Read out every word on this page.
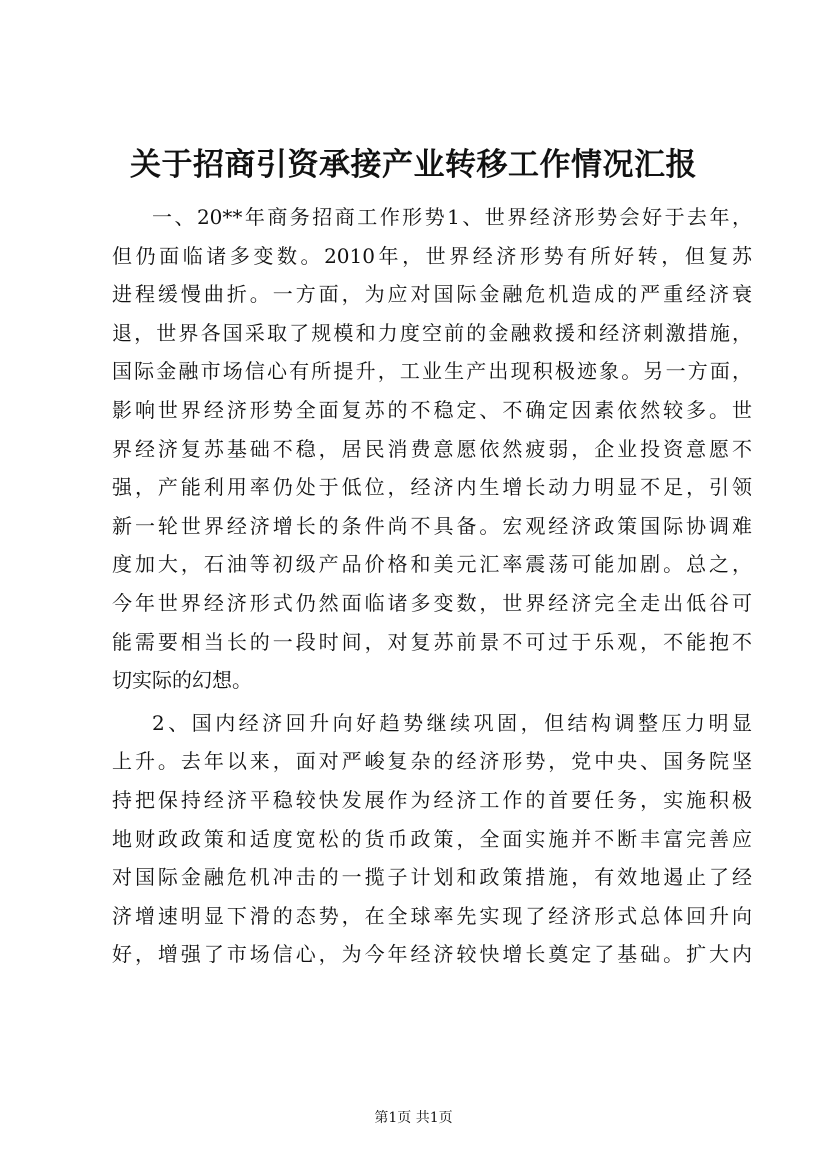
关于招商引资承接产业转移工作情况汇报
一、20**年商务招商工作形势1、世界经济形势会好于去年，
但仍面临诸多变数。2010年，世界经济形势有所好转，但复苏
进程缓慢曲折。一方面，为应对国际金融危机造成的严重经济衰
退，世界各国采取了规模和力度空前的金融救援和经济刺激措施，
国际金融市场信心有所提升，工业生产出现积极迹象。另一方面，
影响世界经济形势全面复苏的不稳定、不确定因素依然较多。世
界经济复苏基础不稳，居民消费意愿依然疲弱，企业投资意愿不
强，产能利用率仍处于低位，经济内生增长动力明显不足，引领
新一轮世界经济增长的条件尚不具备。宏观经济政策国际协调难
度加大，石油等初级产品价格和美元汇率震荡可能加剧。总之，
今年世界经济形式仍然面临诸多变数，世界经济完全走出低谷可
能需要相当长的一段时间，对复苏前景不可过于乐观，不能抱不
切实际的幻想。
2、国内经济回升向好趋势继续巩固，但结构调整压力明显
上升。去年以来，面对严峻复杂的经济形势，党中央、国务院坚
持把保持经济平稳较快发展作为经济工作的首要任务，实施积极
地财政政策和适度宽松的货币政策，全面实施并不断丰富完善应
对国际金融危机冲击的一揽子计划和政策措施，有效地遏止了经
济增速明显下滑的态势，在全球率先实现了经济形式总体回升向
好，增强了市场信心，为今年经济较快增长奠定了基础。扩大内
第1页 共1页
